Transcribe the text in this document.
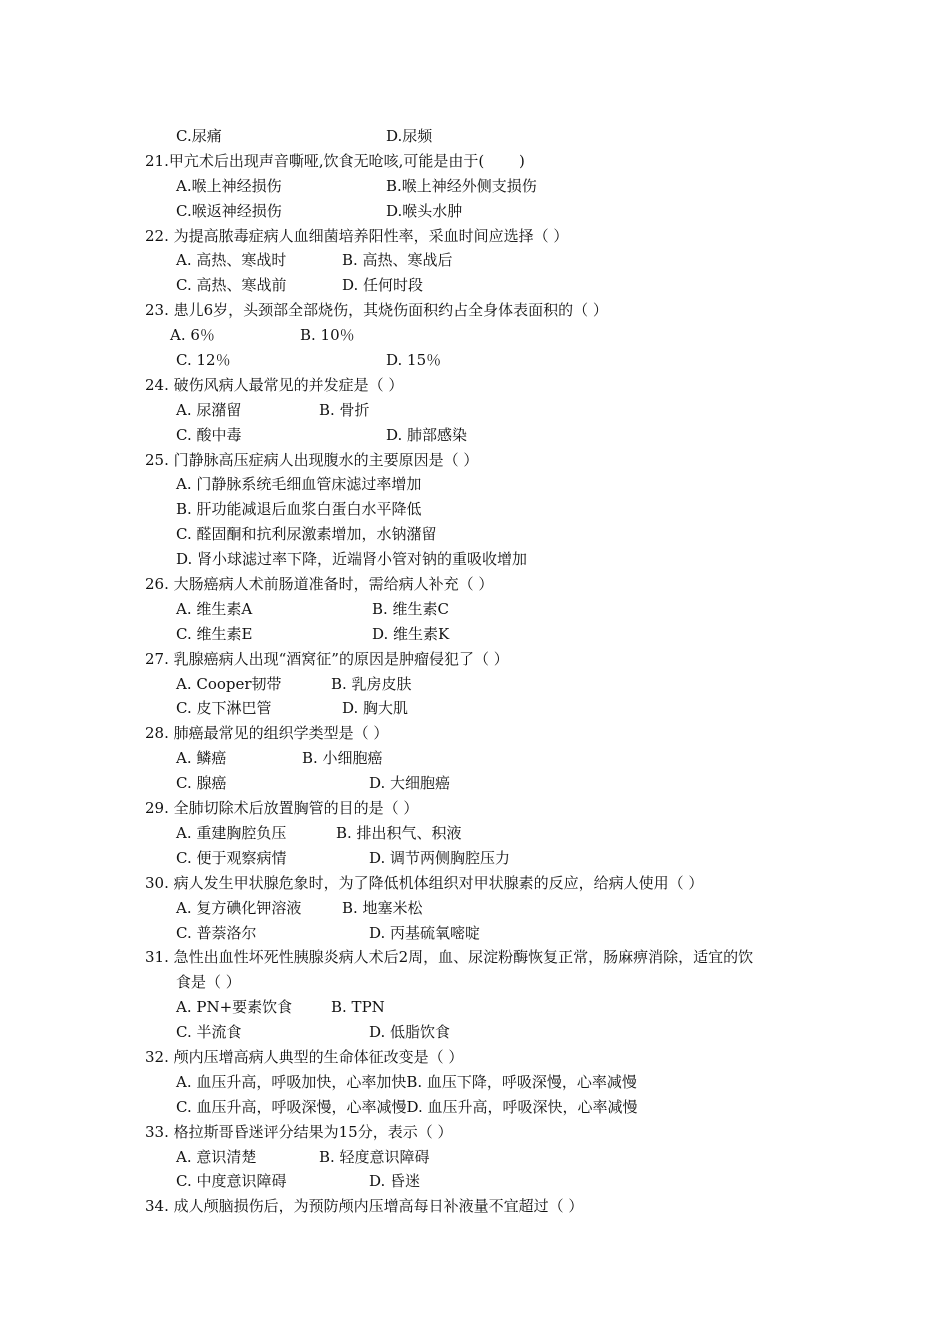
C.尿痛	D.尿频
21.甲亢术后出现声音嘶哑,饮食无呛咳,可能是由于(　　 )
A.喉上神经损伤	B.喉上神经外侧支损伤
C.喉返神经损伤	D.喉头水肿
22. 为提高脓毒症病人血细菌培养阳性率，采血时间应选择（ ）
A. 高热、寒战时	B. 高热、寒战后
C. 高热、寒战前	D. 任何时段
23. 患儿6岁，头颈部全部烧伤，其烧伤面积约占全身体表面积的（ ）
A. 6％	B. 10％
C. 12％	D. 15％
24. 破伤风病人最常见的并发症是（ ）
A. 尿潴留	B. 骨折
C. 酸中毒	D. 肺部感染
25. 门静脉高压症病人出现腹水的主要原因是（ ）
A. 门静脉系统毛细血管床滤过率增加
B. 肝功能减退后血浆白蛋白水平降低
C. 醛固酮和抗利尿激素增加，水钠潴留
D. 肾小球滤过率下降，近端肾小管对钠的重吸收增加
26. 大肠癌病人术前肠道准备时，需给病人补充（ ）
A. 维生素A	B. 维生素C
C. 维生素E	D. 维生素K
27. 乳腺癌病人出现“酒窝征”的原因是肿瘤侵犯了（ ）
A. Cooper韧带	B. 乳房皮肤
C. 皮下淋巴管	D. 胸大肌
28. 肺癌最常见的组织学类型是（ ）
A. 鳞癌	B. 小细胞癌
C. 腺癌	D. 大细胞癌
29. 全肺切除术后放置胸管的目的是（ ）
A. 重建胸腔负压	B. 排出积气、积液
C. 便于观察病情	D. 调节两侧胸腔压力
30. 病人发生甲状腺危象时，为了降低机体组织对甲状腺素的反应，给病人使用（ ）
A. 复方碘化钾溶液	B. 地塞米松
C. 普萘洛尔	D. 丙基硫氧嘧啶
31. 急性出血性坏死性胰腺炎病人术后2周，血、尿淀粉酶恢复正常，肠麻痹消除，适宜的饮
食是（ ）
A. PN+要素饮食	B. TPN
C. 半流食	D. 低脂饮食
32. 颅内压增高病人典型的生命体征改变是（ ）
A. 血压升高，呼吸加快，心率加快B. 血压下降，呼吸深慢，心率减慢
C. 血压升高，呼吸深慢，心率减慢D. 血压升高，呼吸深快，心率减慢
33. 格拉斯哥昏迷评分结果为15分，表示（ ）
A. 意识清楚	B. 轻度意识障碍
C. 中度意识障碍	D. 昏迷
34. 成人颅脑损伤后，为预防颅内压增高每日补液量不宜超过（ ）
